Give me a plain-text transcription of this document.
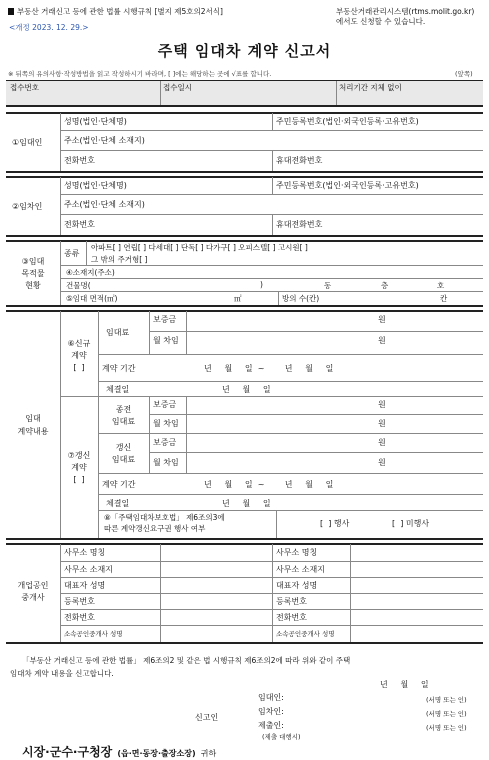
부동산 거래신고 등에 관한 법률 시행규칙 [별지 제5호의2서식]
<개정 2023. 12. 29.>
부동산거래관리시스템(rtms.molit.go.kr)
에서도 신청할 수 있습니다.
주택 임대차 계약 신고서
※ 뒤쪽의 유의사항·작성방법을 읽고 작성하시기 바라며, [ ]에는 해당하는 곳에 √표를 합니다.	(앞쪽)
접수번호	접수일시	처리기간 지체 없이
①임대인
성명(법인·단체명)	주민등록번호(법인·외국인등록·고유번호)
주소(법인·단체 소재지)
전화번호	휴대전화번호
②임차인
성명(법인·단체명)	주민등록번호(법인·외국인등록·고유번호)
주소(법인·단체 소재지)
전화번호	휴대전화번호
③임대
목적물
현황
종류
아파트[ ] 연립[ ] 다세대[ ] 단독[ ] 다가구[ ] 오피스텔[ ] 고시원[ ]
그 밖의 주거형[ ]
④소재지(주소)
건물명(	)	동	층	호
⑤임대 면적(㎡)	㎡	방의 수(칸)	칸
임대
계약내용
⑥신규
계약
[  ]
임대료
보증금	원
월 차임	원
계약 기간	년     월     일  ~        년     월     일
체결일	년     월     일
⑦갱신
계약
[  ]
종전
임대료
보증금	원
월 차임	원
갱신
임대료
보증금	원
월 차임	원
계약 기간	년     월     일  ~        년     월     일
체결일	년     월     일
⑧「주택임대차보호법」 제6조의3에
따른 계약갱신요구권 행사 여부
[  ] 행사	[  ] 미행사
개업공인
중개사
사무소 명칭	사무소 명칭
사무소 소재지	사무소 소재지
대표자 성명	대표자 성명
등록번호	등록번호
전화번호	전화번호
소속공인중개사 성명	소속공인중개사 성명
「부동산 거래신고 등에 관한 법률」 제6조의2 및 같은 법 시행규칙 제6조의2에 따라 위와 같이 주택
임대차 계약 내용을 신고합니다.
년     월     일
신고인
임대인:
임차인:
제출인:
(제출 대행시)
(서명 또는 인)
(서명 또는 인)
(서명 또는 인)
시장·군수·구청장 (읍·면·동장·출장소장) 귀하
